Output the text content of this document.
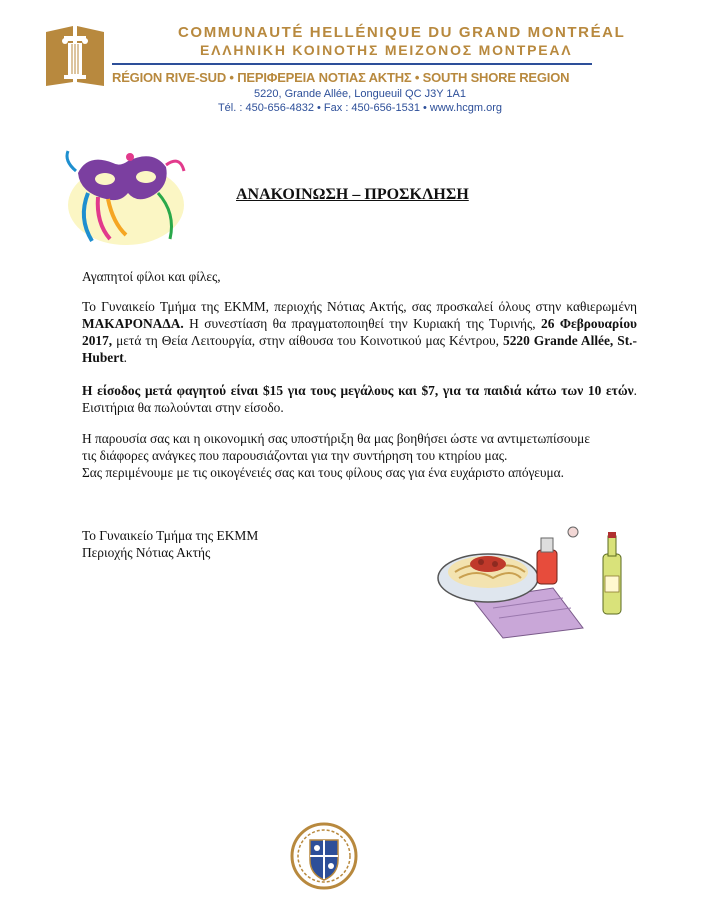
COMMUNAUTÉ HELLÉNIQUE DU GRAND MONTRÉAL
ΕΛΛΗΝΙΚΗ ΚΟΙΝΟΤΗΣ ΜΕΙΖΟΝΟΣ ΜΟΝΤΡΕΑΛ
RÉGION RIVE-SUD • ΠΕΡΙΦΕΡΕΙΑ ΝΟΤΙΑΣ ΑΚΤΗΣ • SOUTH SHORE REGION
5220, Grande Allée, Longueuil QC J3Y 1A1
Tél. : 450-656-4832 • Fax : 450-656-1531 • www.hcgm.org
ΑΝΑΚΟΙΝΩΣΗ – ΠΡΟΣΚΛΗΣΗ
Αγαπητοί φίλοι και φίλες,
Το Γυναικείο Τμήμα της ΕΚΜΜ, περιοχής Νότιας Ακτής, σας προσκαλεί όλους στην καθιερωμένη ΜΑΚΑΡΟΝΑΔΑ. Η συνεστίαση θα πραγματοποιηθεί την Κυριακή της Τυρινής, 26 Φεβρουαρίου 2017, μετά τη Θεία Λειτουργία, στην αίθουσα του Κοινοτικού μας Κέντρου, 5220 Grande Allée, St.-Hubert.
Η είσοδος μετά φαγητού είναι $15 για τους μεγάλους και $7, για τα παιδιά κάτω των 10 ετών. Εισιτήρια θα πωλούνται στην είσοδο.
Η παρουσία σας και η οικονομική σας υποστήριξη θα μας βοηθήσει ώστε να αντιμετωπίσουμε
τις διάφορες ανάγκες που παρουσιάζονται για την συντήρηση του κτηρίου μας.
Σας περιμένουμε με τις οικογένειές σας και τους φίλους σας για ένα ευχάριστο απόγευμα.
Το Γυναικείο Τμήμα της ΕΚΜΜ
Περιοχής Νότιας Ακτής
